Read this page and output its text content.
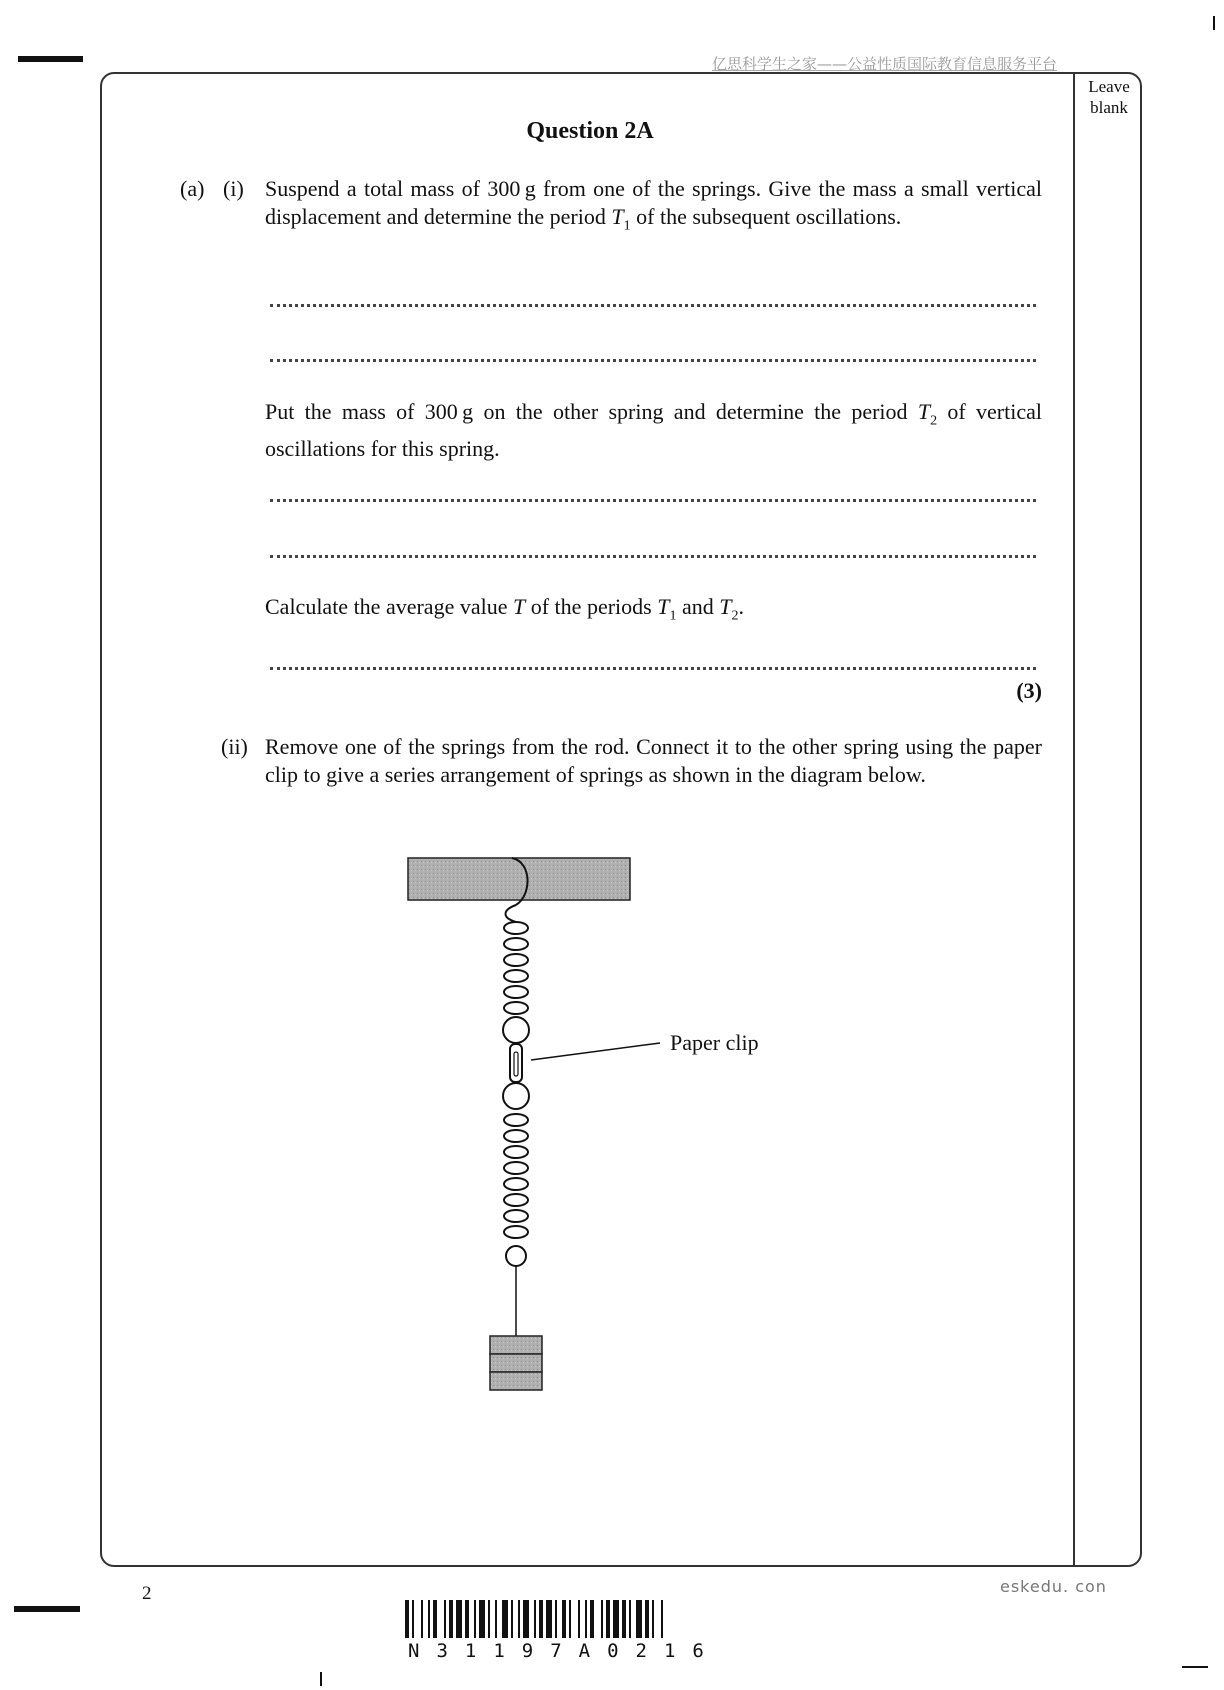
亿思科学生之家——公益性质国际教育信息服务平台
Leave
blank
Question 2A
(a) (i) Suspend a total mass of 300 g from one of the springs. Give the mass a small vertical displacement and determine the period $T_1$ of the subsequent oscillations.
Put the mass of 300 g on the other spring and determine the period $T_2$ of vertical oscillations for this spring.
Calculate the average value T of the periods $T_1$ and $T_2$.
(3)
(ii) Remove one of the springs from the rod. Connect it to the other spring using the paper clip to give a series arrangement of springs as shown in the diagram below.
Paper clip
2	eskedu. con
N31197A0216
